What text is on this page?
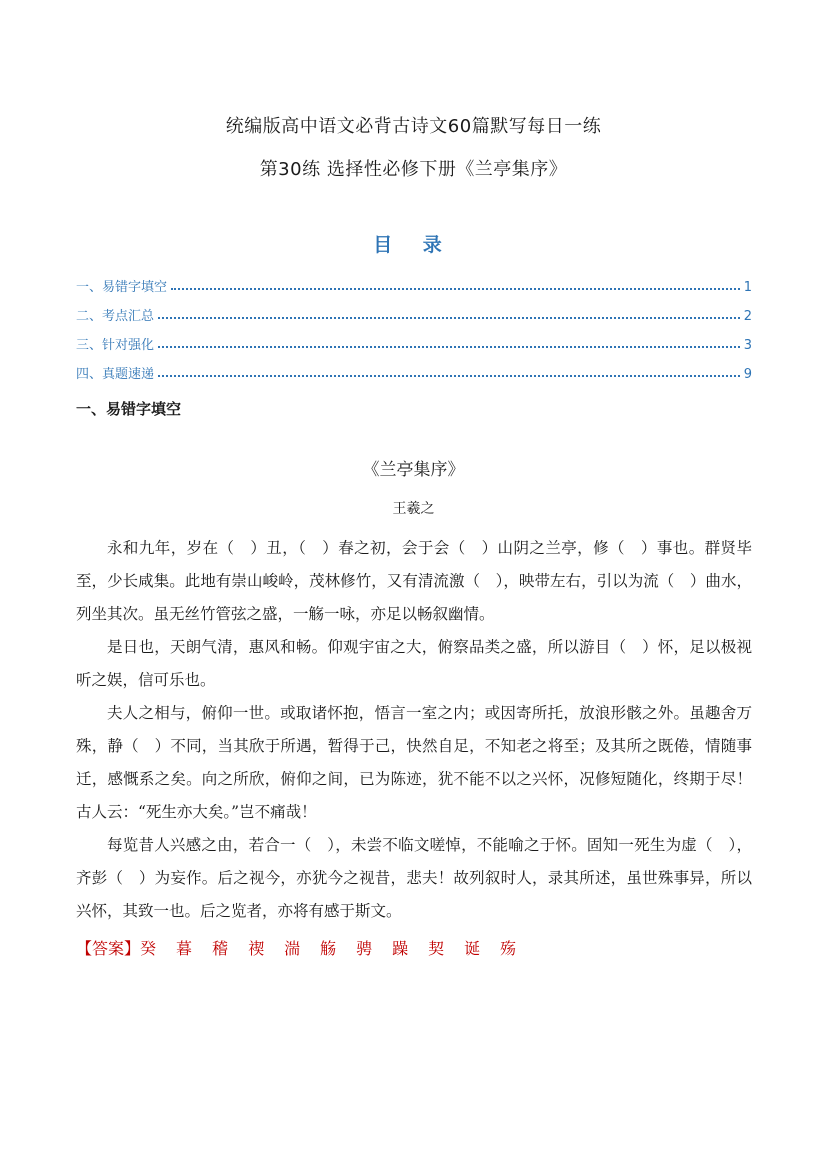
统编版高中语文必背古诗文60篇默写每日一练
第30练 选择性必修下册《兰亭集序》
目 录
一、易错字填空	1
二、考点汇总	2
三、针对强化	3
四、真题速递	9
一、易错字填空
《兰亭集序》
王羲之

永和九年，岁在（　）丑，（　）春之初，会于会（　）山阴之兰亭，修（　）事也。群贤毕至，少长咸集。此地有崇山峻岭，茂林修竹，又有清流激（　），映带左右，引以为流（　）曲水，列坐其次。虽无丝竹管弦之盛，一觞一咏，亦足以畅叙幽情。

是日也，天朗气清，惠风和畅。仰观宇宙之大，俯察品类之盛，所以游目（　）怀，足以极视听之娱，信可乐也。

夫人之相与，俯仰一世。或取诸怀抱，悟言一室之内；或因寄所托，放浪形骸之外。虽趣舍万殊，静（　）不同，当其欣于所遇，暂得于己，快然自足，不知老之将至；及其所之既倦，情随事迁，感慨系之矣。向之所欣，俯仰之间，已为陈迹，犹不能不以之兴怀，况修短随化，终期于尽！古人云：“死生亦大矣。”岂不痛哉！

每览昔人兴感之由，若合一（　），未尝不临文嗟悼，不能喻之于怀。固知一死生为虚（　），齐彭（　）为妄作。后之视今，亦犹今之视昔，悲夫！故列叙时人，录其所述，虽世殊事异，所以兴怀，其致一也。后之览者，亦将有感于斯文。

【答案】癸 暮 稽 禊 湍 觞 骋 躁 契 诞 殇
